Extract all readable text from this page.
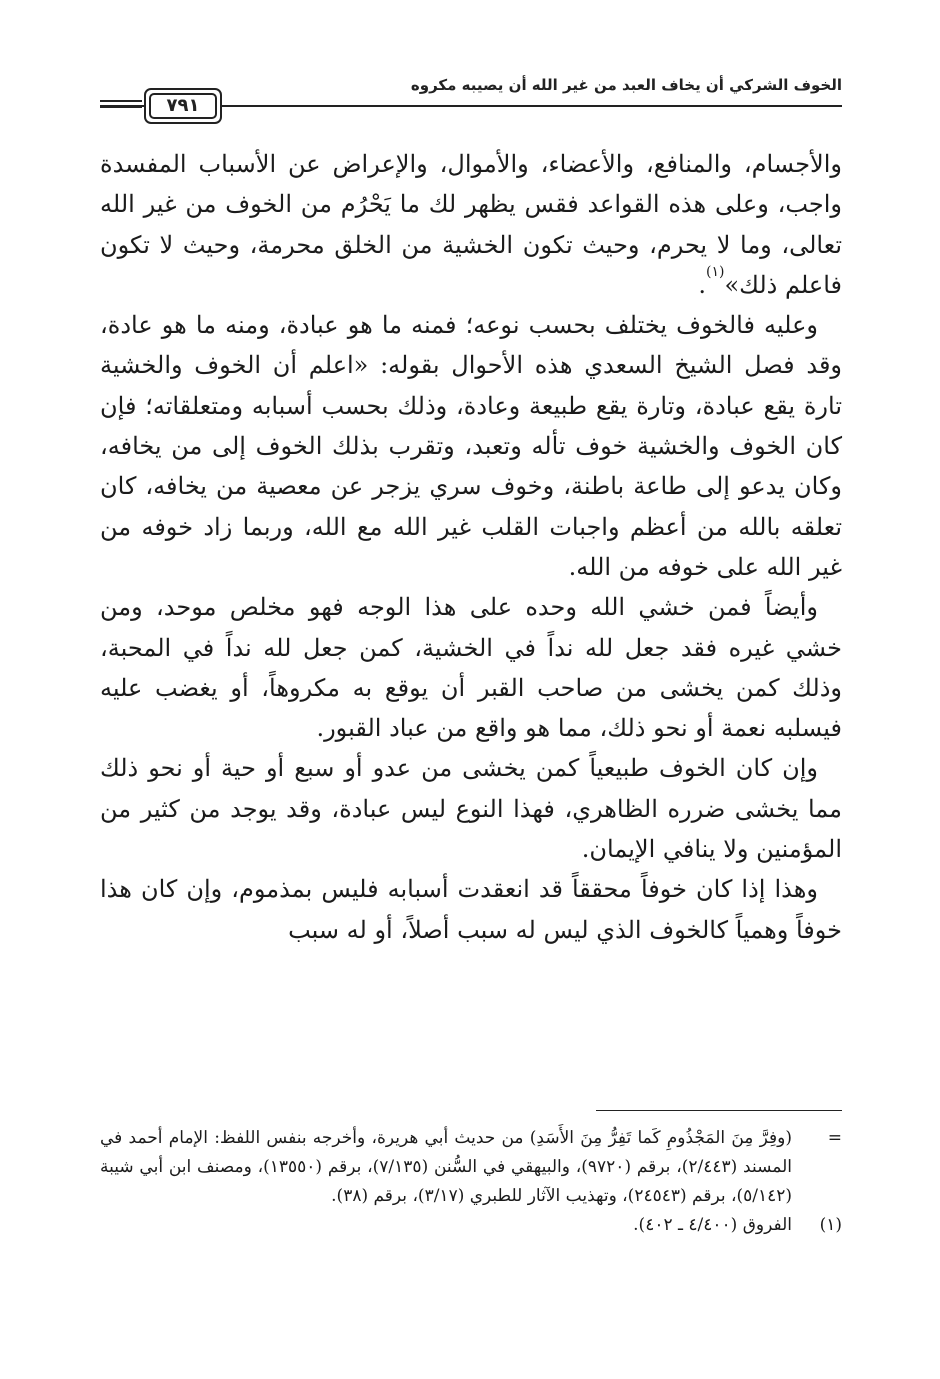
الخوف الشركي أن يخاف العبد من غير الله أن يصيبه مكروه
٧٩١

والأجسام، والمنافع، والأعضاء، والأموال، والإعراض عن الأسباب المفسدة واجب، وعلى هذه القواعد فقس يظهر لك ما يَحْرُم من الخوف من غير الله تعالى، وما لا يحرم، وحيث تكون الخشية من الخلق محرمة، وحيث لا تكون فاعلم ذلك»$^{(١)}$.

وعليه فالخوف يختلف بحسب نوعه؛ فمنه ما هو عبادة، ومنه ما هو عادة، وقد فصل الشيخ السعدي هذه الأحوال بقوله: «اعلم أن الخوف والخشية تارة يقع عبادة، وتارة يقع طبيعة وعادة، وذلك بحسب أسبابه ومتعلقاته؛ فإن كان الخوف والخشية خوف تأله وتعبد، وتقرب بذلك الخوف إلى من يخافه، وكان يدعو إلى طاعة باطنة، وخوف سري يزجر عن معصية من يخافه، كان تعلقه بالله من أعظم واجبات القلب غير الله مع الله، وربما زاد خوفه من غير الله على خوفه من الله.

وأيضاً فمن خشي الله وحده على هذا الوجه فهو مخلص موحد، ومن خشي غيره فقد جعل لله نداً في الخشية، كمن جعل لله نداً في المحبة، وذلك كمن يخشى من صاحب القبر أن يوقع به مكروهاً، أو يغضب عليه فيسلبه نعمة أو نحو ذلك، مما هو واقع من عباد القبور.

وإن كان الخوف طبيعياً كمن يخشى من عدو أو سبع أو حية أو نحو ذلك مما يخشى ضرره الظاهري، فهذا النوع ليس عبادة، وقد يوجد من كثير من المؤمنين ولا ينافي الإيمان.

وهذا إذا كان خوفاً محققاً قد انعقدت أسبابه فليس بمذموم، وإن كان هذا خوفاً وهمياً كالخوف الذي ليس له سبب أصلاً، أو له سبب

=
(وفِرَّ مِنَ المَجْذُومِ كَما تَفِرُّ مِنَ الأَسَدِ) من حديث أبي هريرة، وأخرجه بنفس اللفظ: الإمام أحمد في المسند (٢/٤٤٣)، برقم (٩٧٢٠)، والبيهقي في السُّنن (٧/١٣٥)، برقم (١٣٥٥٠)، ومصنف ابن أبي شيبة (٥/١٤٢)، برقم (٢٤٥٤٣)، وتهذيب الآثار للطبري (٣/١٧)، برقم (٣٨).
(١)
الفروق (٤/٤٠٠ ـ ٤٠٢).
